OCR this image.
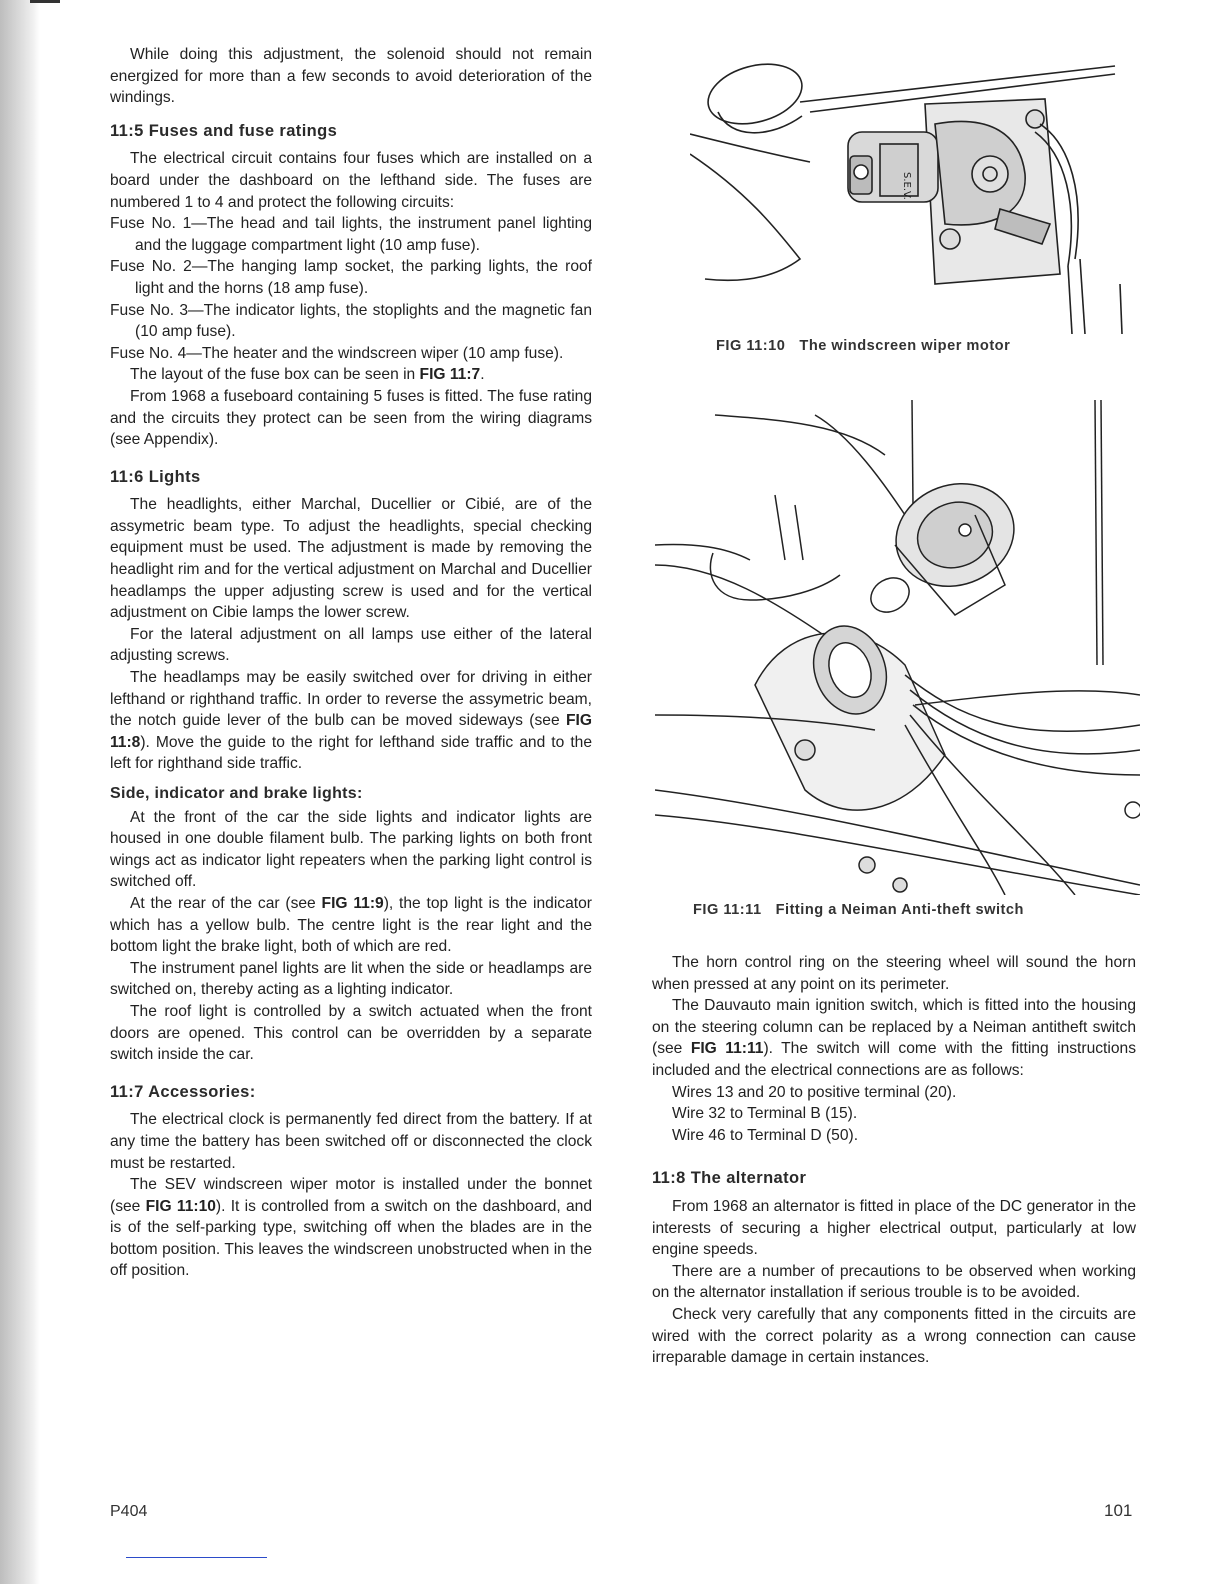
While doing this adjustment, the solenoid should not remain energized for more than a few seconds to avoid deterioration of the windings.

11:5 Fuses and fuse ratings

The electrical circuit contains four fuses which are installed on a board under the dashboard on the lefthand side. The fuses are numbered 1 to 4 and protect the following circuits:

Fuse No. 1—The head and tail lights, the instrument panel lighting and the luggage compartment light (10 amp fuse).

Fuse No. 2—The hanging lamp socket, the parking lights, the roof light and the horns (18 amp fuse).

Fuse No. 3—The indicator lights, the stoplights and the magnetic fan (10 amp fuse).

Fuse No. 4—The heater and the windscreen wiper (10 amp fuse).

The layout of the fuse box can be seen in FIG 11:7.

From 1968 a fuseboard containing 5 fuses is fitted. The fuse rating and the circuits they protect can be seen from the wiring diagrams (see Appendix).

11:6 Lights

The headlights, either Marchal, Ducellier or Cibié, are of the assymetric beam type. To adjust the headlights, special checking equipment must be used. The adjustment is made by removing the headlight rim and for the vertical adjustment on Marchal and Ducellier headlamps the upper adjusting screw is used and for the vertical adjustment on Cibie lamps the lower screw.

For the lateral adjustment on all lamps use either of the lateral adjusting screws.

The headlamps may be easily switched over for driving in either lefthand or righthand traffic. In order to reverse the assymetric beam, the notch guide lever of the bulb can be moved sideways (see FIG 11:8). Move the guide to the right for lefthand side traffic and to the left for righthand side traffic.

Side, indicator and brake lights:

At the front of the car the side lights and indicator lights are housed in one double filament bulb. The parking lights on both front wings act as indicator light repeaters when the parking light control is switched off.

At the rear of the car (see FIG 11:9), the top light is the indicator which has a yellow bulb. The centre light is the rear light and the bottom light the brake light, both of which are red.

The instrument panel lights are lit when the side or headlamps are switched on, thereby acting as a lighting indicator.

The roof light is controlled by a switch actuated when the front doors are opened. This control can be overridden by a separate switch inside the car.

11:7 Accessories:

The electrical clock is permanently fed direct from the battery. If at any time the battery has been switched off or disconnected the clock must be restarted.

The SEV windscreen wiper motor is installed under the bonnet (see FIG 11:10). It is controlled from a switch on the dashboard, and is of the self-parking type, switching off when the blades are in the bottom position. This leaves the windscreen unobstructed when in the off position.

S.E.V.
FIG 11:10 The windscreen wiper motor
FIG 11:11 Fitting a Neiman Anti-theft switch

The horn control ring on the steering wheel will sound the horn when pressed at any point on its perimeter.

The Dauvauto main ignition switch, which is fitted into the housing on the steering column can be replaced by a Neiman antitheft switch (see FIG 11:11). The switch will come with the fitting instructions included and the electrical connections are as follows:

Wires 13 and 20 to positive terminal (20).

Wire 32 to Terminal B (15).

Wire 46 to Terminal D (50).

11:8 The alternator

From 1968 an alternator is fitted in place of the DC generator in the interests of securing a higher electrical output, particularly at low engine speeds.

There are a number of precautions to be observed when working on the alternator installation if serious trouble is to be avoided.

Check very carefully that any components fitted in the circuits are wired with the correct polarity as a wrong connection can cause irreparable damage in certain instances.

P404	101
